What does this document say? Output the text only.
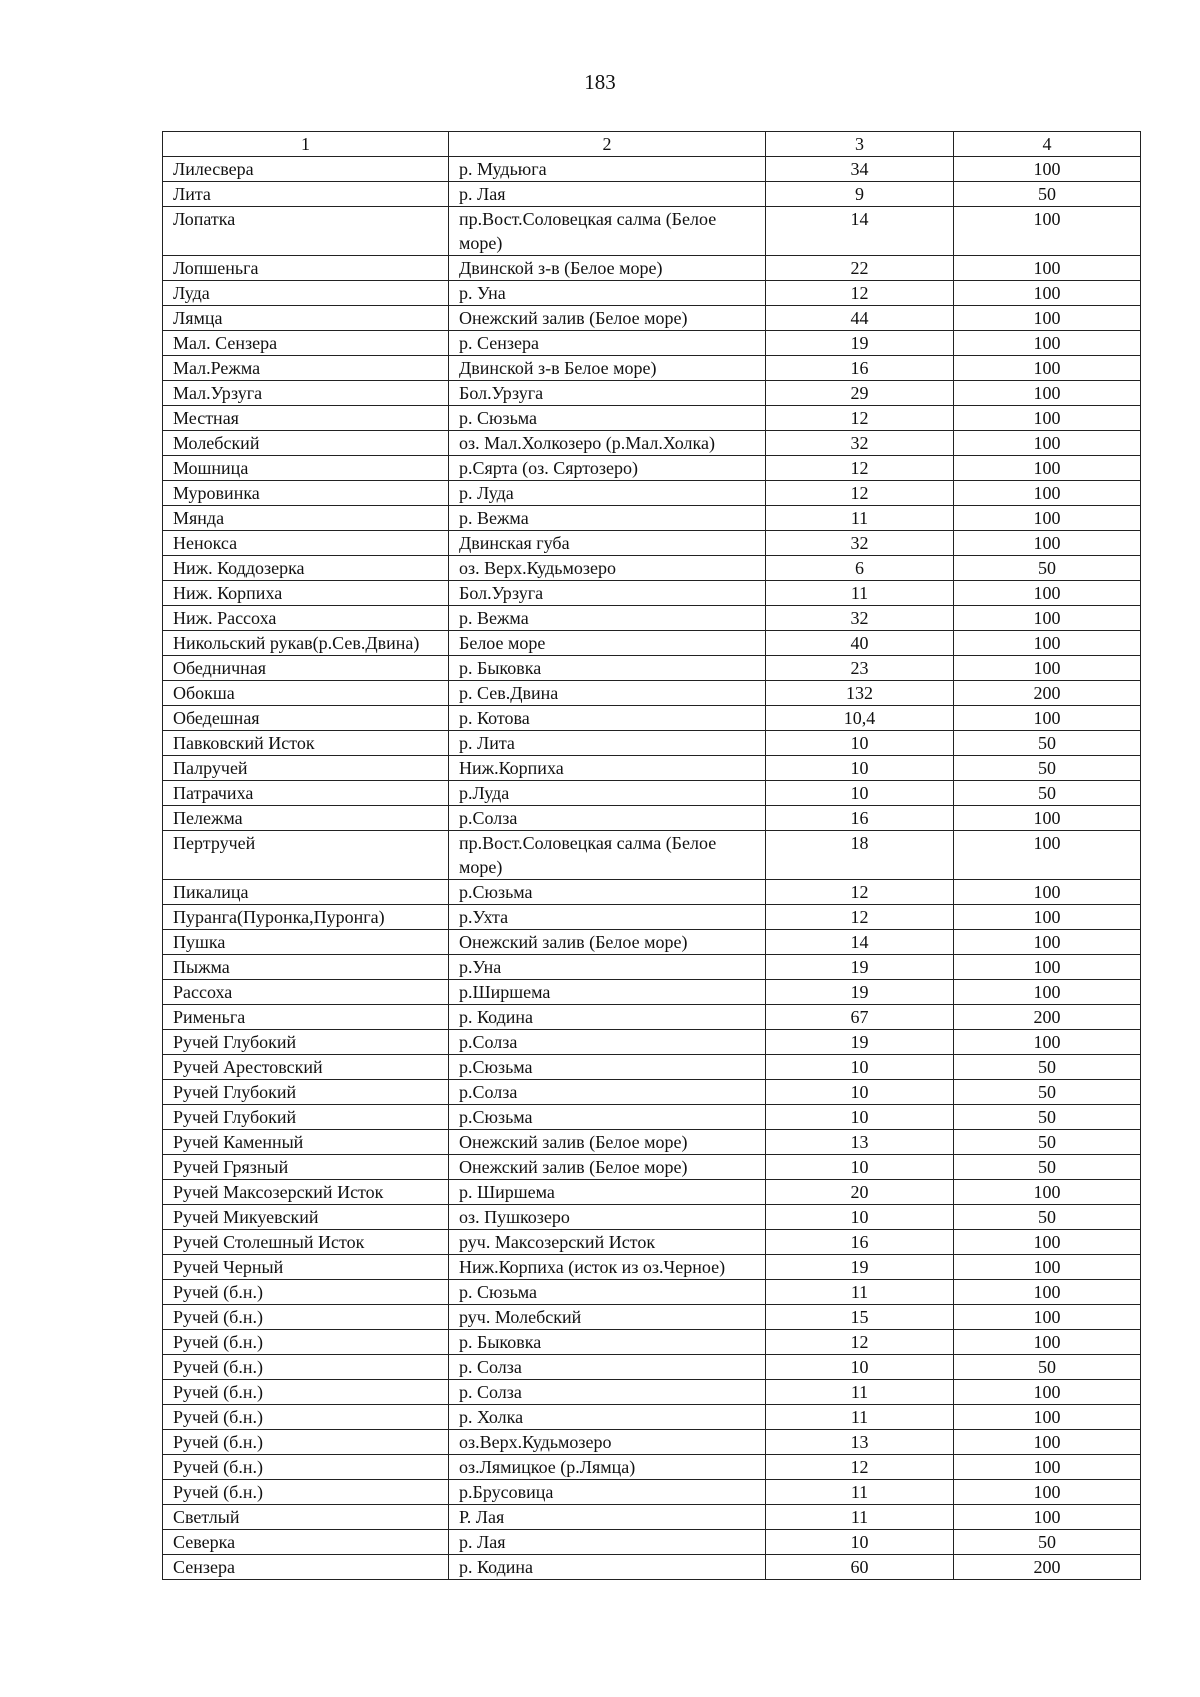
183
1	2	3	4
Лилесвера	р. Мудьюга	34	100
Лита	р. Лая	9	50
Лопатка	пр.Вост.Соловецкая салма (Белое море)	14	100
Лопшеньга	Двинской з-в (Белое море)	22	100
Луда	р. Уна	12	100
Лямца	Онежский залив (Белое море)	44	100
Мал. Сензера	р. Сензера	19	100
Мал.Режма	Двинской з-в Белое море)	16	100
Мал.Урзуга	Бол.Урзуга	29	100
Местная	р. Сюзьма	12	100
Молебский	оз. Мал.Холкозеро (р.Мал.Холка)	32	100
Мошница	р.Сярта (оз. Сяртозеро)	12	100
Муровинка	р. Луда	12	100
Мянда	р. Вежма	11	100
Ненокса	Двинская губа	32	100
Ниж. Коддозерка	оз. Верх.Кудьмозеро	6	50
Ниж. Корпиха	Бол.Урзуга	11	100
Ниж. Рассоха	р. Вежма	32	100
Никольский рукав(р.Сев.Двина)	Белое море	40	100
Обедничная	р. Быковка	23	100
Обокша	р. Сев.Двина	132	200
Обедешная	р. Котова	10,4	100
Павковский Исток	р. Лита	10	50
Палручей	Ниж.Корпиха	10	50
Патрачиха	р.Луда	10	50
Пележма	р.Солза	16	100
Пертручей	пр.Вост.Соловецкая салма (Белое море)	18	100
Пикалица	р.Сюзьма	12	100
Пуранга(Пуронка,Пуронга)	р.Ухта	12	100
Пушка	Онежский залив (Белое море)	14	100
Пыжма	р.Уна	19	100
Рассоха	р.Ширшема	19	100
Рименьга	р. Кодина	67	200
Ручей Глубокий	р.Солза	19	100
Ручей Арестовский	р.Сюзьма	10	50
Ручей Глубокий	р.Солза	10	50
Ручей Глубокий	р.Сюзьма	10	50
Ручей Каменный	Онежский залив (Белое море)	13	50
Ручей Грязный	Онежский залив (Белое море)	10	50
Ручей Максозерский Исток	р. Ширшема	20	100
Ручей Микуевский	оз. Пушкозеро	10	50
Ручей Столешный Исток	руч. Максозерский Исток	16	100
Ручей Черный	Ниж.Корпиха (исток из оз.Черное)	19	100
Ручей (б.н.)	р. Сюзьма	11	100
Ручей (б.н.)	руч. Молебский	15	100
Ручей (б.н.)	р. Быковка	12	100
Ручей (б.н.)	р. Солза	10	50
Ручей (б.н.)	р. Солза	11	100
Ручей (б.н.)	р. Холка	11	100
Ручей (б.н.)	оз.Верх.Кудьмозеро	13	100
Ручей (б.н.)	оз.Лямицкое (р.Лямца)	12	100
Ручей (б.н.)	р.Брусовица	11	100
Светлый	Р. Лая	11	100
Северка	р. Лая	10	50
Сензера	р. Кодина	60	200
